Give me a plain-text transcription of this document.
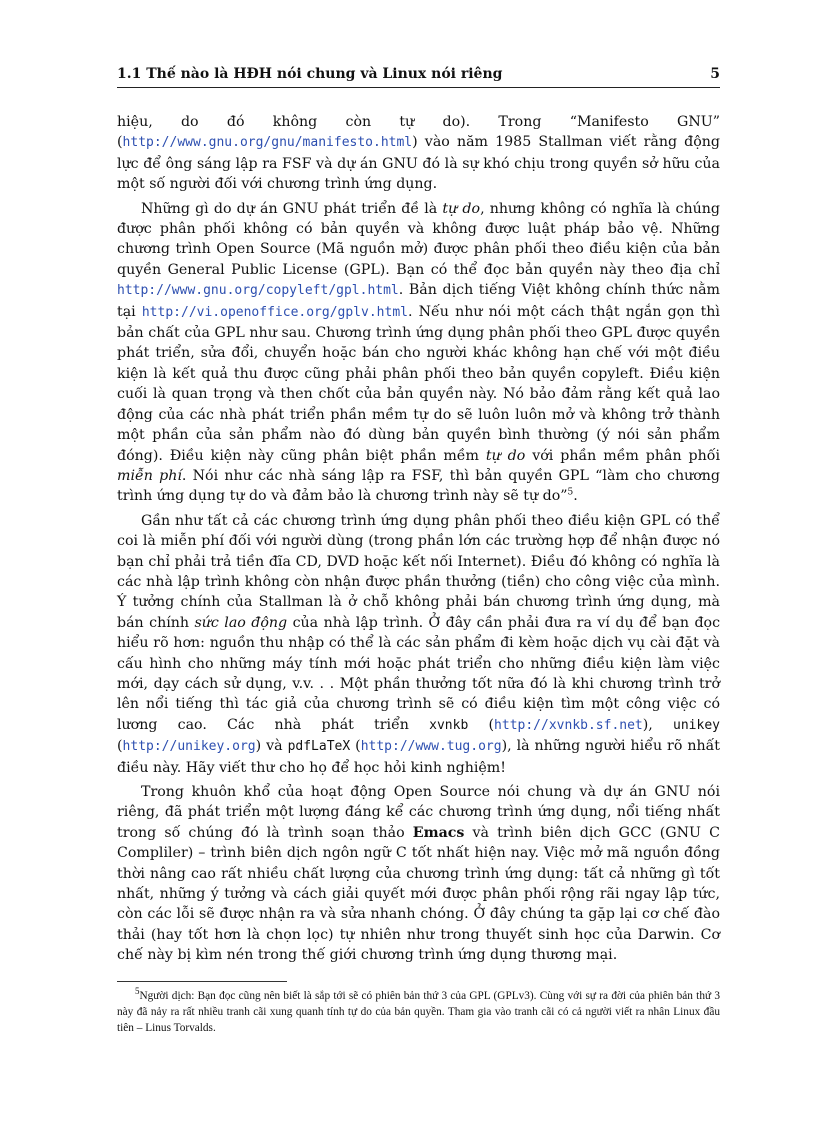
1.1 Thế nào là HĐH nói chung và Linux nói riêng	5

hiệu, do đó không còn tự do). Trong “Manifesto GNU” (http://www.gnu.org/gnu/manifesto.html) vào năm 1985 Stallman viết rằng động lực để ông sáng lập ra FSF và dự án GNU đó là sự khó chịu trong quyền sở hữu của một số người đối với chương trình ứng dụng.

Những gì do dự án GNU phát triển đề là tự do, nhưng không có nghĩa là chúng được phân phối không có bản quyền và không được luật pháp bảo vệ. Những chương trình Open Source (Mã nguồn mở) được phân phối theo điều kiện của bản quyền General Public License (GPL). Bạn có thể đọc bản quyền này theo địa chỉ http://www.gnu.org/copyleft/gpl.html. Bản dịch tiếng Việt không chính thức nằm tại http://vi.openoffice.org/gplv.html. Nếu như nói một cách thật ngắn gọn thì bản chất của GPL như sau. Chương trình ứng dụng phân phối theo GPL được quyền phát triển, sửa đổi, chuyển hoặc bán cho người khác không hạn chế với một điều kiện là kết quả thu được cũng phải phân phối theo bản quyền copyleft. Điều kiện cuối là quan trọng và then chốt của bản quyền này. Nó bảo đảm rằng kết quả lao động của các nhà phát triển phần mềm tự do sẽ luôn luôn mở và không trở thành một phần của sản phẩm nào đó dùng bản quyền bình thường (ý nói sản phẩm đóng). Điều kiện này cũng phân biệt phần mềm tự do với phần mềm phân phối miễn phí. Nói như các nhà sáng lập ra FSF, thì bản quyền GPL “làm cho chương trình ứng dụng tự do và đảm bảo là chương trình này sẽ tự do”$^5$.

Gần như tất cả các chương trình ứng dụng phân phối theo điều kiện GPL có thể coi là miễn phí đối với người dùng (trong phần lớn các trường hợp để nhận được nó bạn chỉ phải trả tiền đĩa CD, DVD hoặc kết nối Internet). Điều đó không có nghĩa là các nhà lập trình không còn nhận được phần thưởng (tiền) cho công việc của mình. Ý tưởng chính của Stallman là ở chỗ không phải bán chương trình ứng dụng, mà bán chính sức lao động của nhà lập trình. Ở đây cần phải đưa ra ví dụ để bạn đọc hiểu rõ hơn: nguồn thu nhập có thể là các sản phẩm đi kèm hoặc dịch vụ cài đặt và cấu hình cho những máy tính mới hoặc phát triển cho những điều kiện làm việc mới, dạy cách sử dụng, v.v. . . Một phần thưởng tốt nữa đó là khi chương trình trở lên nổi tiếng thì tác giả của chương trình sẽ có điều kiện tìm một công việc có lương cao. Các nhà phát triển xvnkb (http://xvnkb.sf.net), unikey (http://unikey.org) và pdfLaTeX (http://www.tug.org), là những người hiểu rõ nhất điều này. Hãy viết thư cho họ để học hỏi kinh nghiệm!

Trong khuôn khổ của hoạt động Open Source nói chung và dự án GNU nói riêng, đã phát triển một lượng đáng kể các chương trình ứng dụng, nổi tiếng nhất trong số chúng đó là trình soạn thảo Emacs và trình biên dịch GCC (GNU C Compliler) – trình biên dịch ngôn ngữ C tốt nhất hiện nay. Việc mở mã nguồn đồng thời nâng cao rất nhiều chất lượng của chương trình ứng dụng: tất cả những gì tốt nhất, những ý tưởng và cách giải quyết mới được phân phối rộng rãi ngay lập tức, còn các lỗi sẽ được nhận ra và sửa nhanh chóng. Ở đây chúng ta gặp lại cơ chế đào thải (hay tốt hơn là chọn lọc) tự nhiên như trong thuyết sinh học của Darwin. Cơ chế này bị kìm nén trong thế giới chương trình ứng dụng thương mại.

$^5$Người dịch: Bạn đọc cũng nên biết là sắp tới sẽ có phiên bản thứ 3 của GPL (GPLv3). Cùng với sự ra đời của phiên bản thứ 3 này đã nảy ra rất nhiều tranh cãi xung quanh tính tự do của bản quyền. Tham gia vào tranh cãi có cả người viết ra nhân Linux đầu tiên – Linus Torvalds.
